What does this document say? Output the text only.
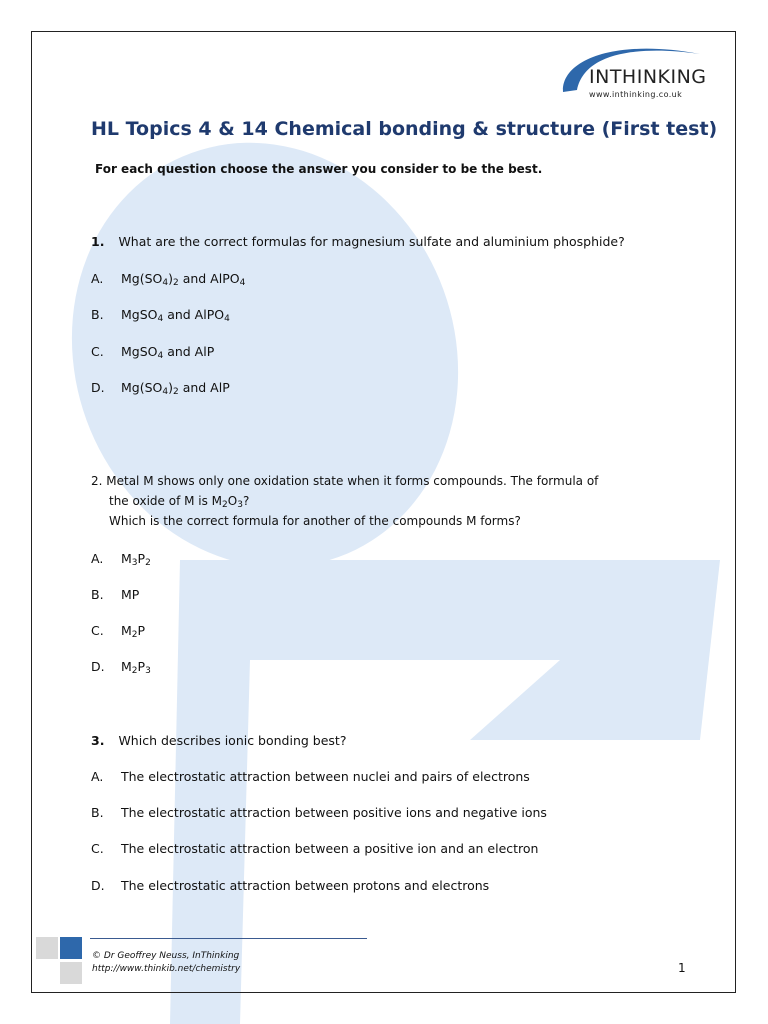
INTHINKING
www.inthinking.co.uk
HL Topics 4 & 14 Chemical bonding & structure (First test)
For each question choose the answer you consider to be the best.
1. What are the correct formulas for magnesium sulfate and aluminium phosphide?
A. $Mg(SO_4)_2$ and AlPO$_4$
B. MgSO$_4$ and AlPO$_4$
C. MgSO$_4$ and AlP
D. $Mg(SO_4)_2$ and AlP
2. Metal M shows only one oxidation state when it forms compounds. The formula of
the oxide of M is $M_2O_3$?
Which is the correct formula for another of the compounds M forms?
A. $M_3P_2$
B. MP
C. $M_2P$
D. $M_2P_3$
3. Which describes ionic bonding best?
A. The electrostatic attraction between nuclei and pairs of electrons
B. The electrostatic attraction between positive ions and negative ions
C. The electrostatic attraction between a positive ion and an electron
D. The electrostatic attraction between protons and electrons
© Dr Geoffrey Neuss, InThinking
http://www.thinkib.net/chemistry	1
